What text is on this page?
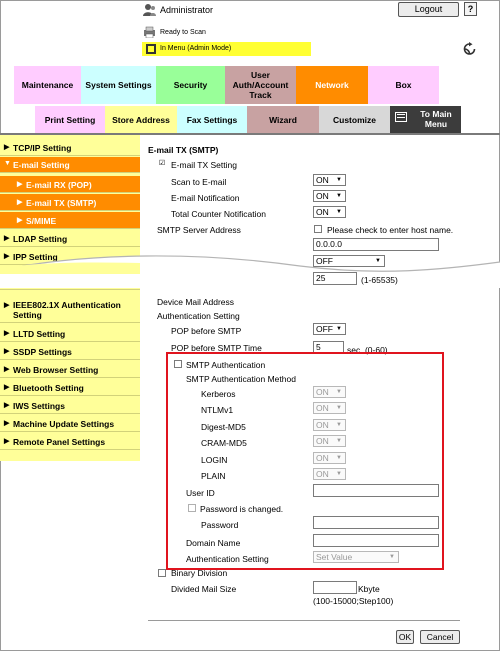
Administrator	Logout	?
Ready to Scan
In Menu (Admin Mode)
Maintenance	System Settings	Security
User Auth/Account Track
Network	Box
Print Setting	Store Address	Fax Settings	Wizard	Customize
To Main Menu
▶ TCP/IP Setting
▼ E-mail Setting
▶ E-mail RX (POP)
▶ E-mail TX (SMTP)
▶ S/MIME
▶ LDAP Setting
▶ IPP Setting
▶ IEEE802.1X Authentication Setting
▶ LLTD Setting
▶ SSDP Settings
▶ Web Browser Setting
▶ Bluetooth Setting
▶ IWS Settings
▶ Machine Update Settings
▶ Remote Panel Settings
E-mail TX (SMTP)
☑ E-mail TX Setting
Scan to E-mail	ON ▼
E-mail Notification	ON ▼
Total Counter Notification	ON ▼
SMTP Server Address	Please check to enter host name.
0.0.0.0
OFF	▼
25	(1-65535)
Device Mail Address
Authentication Setting
POP before SMTP	OFF ▼
POP before SMTP Time	5	sec. (0-60)
SMTP Authentication
SMTP Authentication Method
Kerberos	ON ▼
NTLMv1	ON ▼
Digest-MD5	ON ▼
CRAM-MD5	ON ▼
LOGIN	ON ▼
PLAIN	ON ▼
User ID
Password is changed.
Password
Domain Name
Authentication Setting	Set Value	▼
Binary Division
Divided Mail Size	Kbyte
(100-15000;Step100)
OK	Cancel
